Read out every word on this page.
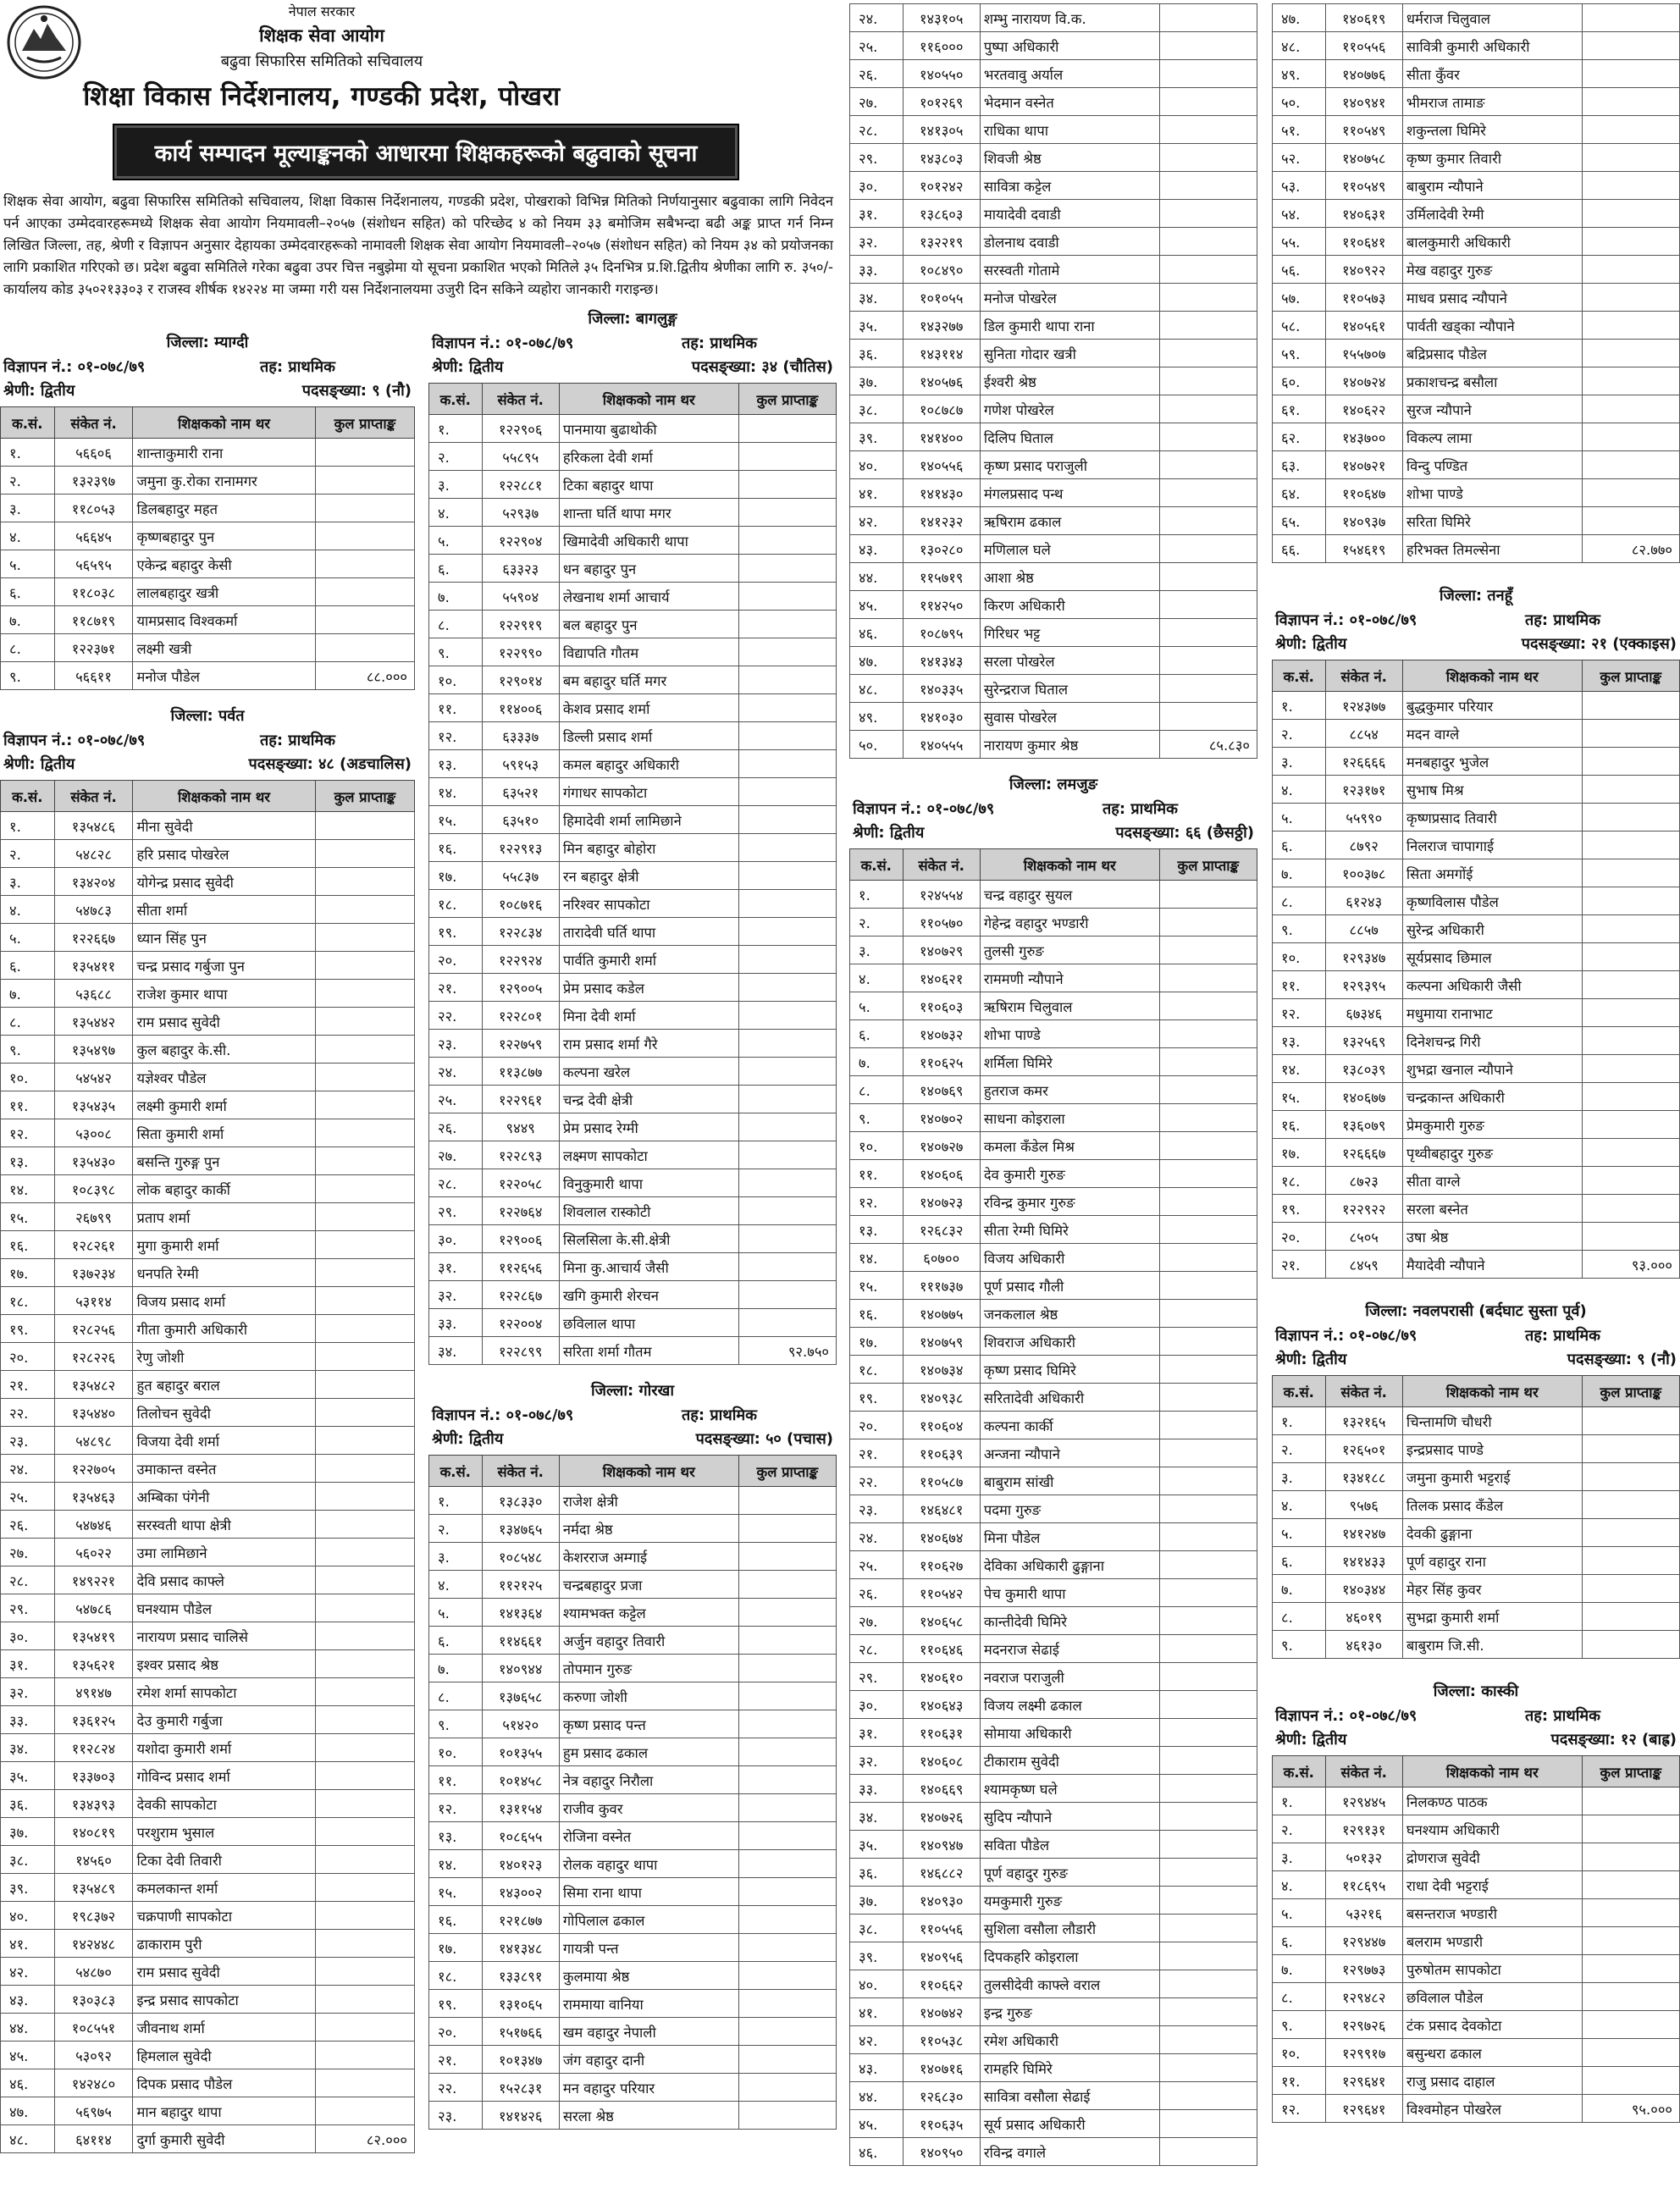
नेपाल सरकार
शिक्षक सेवा आयोग
बढुवा सिफारिस समितिको सचिवालय
शिक्षा विकास निर्देशनालय, गण्डकी प्रदेश, पोखरा
कार्य सम्पादन मूल्याङ्कनको आधारमा शिक्षकहरूको बढुवाको सूचना
शिक्षक सेवा आयोग, बढुवा सिफारिस समितिको सचिवालय, शिक्षा विकास निर्देशनालय, गण्डकी प्रदेश, पोखराको विभिन्न मितिको निर्णयानुसार बढुवाका लागि निवेदन पर्न आएका उम्मेदवारहरूमध्ये शिक्षक सेवा आयोग नियमावली–२०५७ (संशोधन सहित) को परिच्छेद ४ को नियम ३३ बमोजिम सबैभन्दा बढी अङ्क प्राप्त गर्न निम्न लिखित जिल्ला, तह, श्रेणी र विज्ञापन अनुसार देहायका उम्मेदवारहरूको नामावली शिक्षक सेवा आयोग नियमावली–२०५७ (संशोधन सहित) को नियम ३४ को प्रयोजनका लागि प्रकाशित गरिएको छ। प्रदेश बढुवा समितिले गरेका बढुवा उपर चित्त नबुझेमा यो सूचना प्रकाशित भएको मितिले ३५ दिनभित्र प्र.शि.द्वितीय श्रेणीका लागि रु. ३५०/- कार्यालय कोड ३५०२१३३०३ र राजस्व शीर्षक १४२२४ मा जम्मा गरी यस निर्देशनालयमा उजुरी दिन सकिने व्यहोरा जानकारी गराइन्छ।
जिल्ला: म्याग्दी
विज्ञापन नं.: ०१-०७८/७९	तह: प्राथमिक
श्रेणी: द्वितीय	पदसङ्ख्या: ९ (नौ)
क.सं.	संकेत नं.	शिक्षकको नाम थर	कुल प्राप्ताङ्क
१.	५६६०६	शान्ताकुमारी राना	
२.	१३२३९७	जमुना कु.रोका रानामगर	
३.	११८०५३	डिलबहादुर महत	
४.	५६६४५	कृष्णबहादुर पुन	
५.	५६५९५	एकेन्द्र बहादुर केसी	
६.	११८०३८	लालबहादुर खत्री	
७.	११८७१९	यामप्रसाद विश्वकर्मा	
८.	१२२३७१	लक्ष्मी खत्री	
९.	५६६११	मनोज पौडेल	८८.०००
जिल्ला: पर्वत
विज्ञापन नं.: ०१-०७८/७९	तह: प्राथमिक
श्रेणी: द्वितीय	पदसङ्ख्या: ४८ (अडचालिस)
क.सं.	संकेत नं.	शिक्षकको नाम थर	कुल प्राप्ताङ्क
१.	१३५४८६	मीना सुवेदी	
२.	५४८२८	हरि प्रसाद पोखरेल	
३.	१३४२०४	योगेन्द्र प्रसाद सुवेदी	
४.	५४७८३	सीता शर्मा	
५.	१२२६६७	ध्यान सिंह पुन	
६.	१३५४११	चन्द्र प्रसाद गर्बुजा पुन	
७.	५३६८८	राजेश कुमार थापा	
८.	१३५४४२	राम प्रसाद सुवेदी	
९.	१३५४९७	कुल बहादुर के.सी.	
१०.	५४५४२	यज्ञेश्वर पौडेल	
११.	१३५४३५	लक्ष्मी कुमारी शर्मा	
१२.	५३००८	सिता कुमारी शर्मा	
१३.	१३५४३०	बसन्ति गुरुङ्ग पुन	
१४.	१०८३९८	लोक बहादुर कार्की	
१५.	२६७९९	प्रताप शर्मा	
१६.	१२८२६१	मुगा कुमारी शर्मा	
१७.	१३७२३४	धनपति रेग्मी	
१८.	५३११४	विजय प्रसाद शर्मा	
१९.	१२८२५६	गीता कुमारी अधिकारी	
२०.	१२८२२६	रेणु जोशी	
२१.	१३५४८२	हुत बहादुर बराल	
२२.	१३५४४०	तिलोचन सुवेदी	
२३.	५४८९८	विजया देवी शर्मा	
२४.	१२२७०५	उमाकान्त वस्नेत	
२५.	१३५४६३	अम्बिका पंगेनी	
२६.	५४७४६	सरस्वती थापा क्षेत्री	
२७.	५६०२२	उमा लामिछाने	
२८.	१४९२२१	देवि प्रसाद काफ्ले	
२९.	५४७८६	घनश्याम पौडेल	
३०.	१३५४१९	नारायण प्रसाद चालिसे	
३१.	१३५६२१	इश्वर प्रसाद श्रेष्ठ	
३२.	४९१४७	रमेश शर्मा सापकोटा	
३३.	१३६१२५	देउ कुमारी गर्बुजा	
३४.	११२८२४	यशोदा कुमारी शर्मा	
३५.	१३३७०३	गोविन्द प्रसाद शर्मा	
३६.	१३४३९३	देवकी सापकोटा	
३७.	१४०८१९	परशुराम भुसाल	
३८.	१४५६०	टिका देवी तिवारी	
३९.	१३५४८९	कमलकान्त शर्मा	
४०.	१९८३७२	चक्रपाणी सापकोटा	
४१.	१४२४४८	ढाकाराम पुरी	
४२.	५४८७०	राम प्रसाद सुवेदी	
४३.	१३०३८३	इन्द्र प्रसाद सापकोटा	
४४.	१०८५५१	जीवनाथ शर्मा	
४५.	५३०९२	हिमलाल सुवेदी	
४६.	१४२४८०	दिपक प्रसाद पौडेल	
४७.	५६९७५	मान बहादुर थापा	
४८.	६४११४	दुर्गा कुमारी सुवेदी	८२.०००
जिल्ला: बागलुङ्ग
विज्ञापन नं.: ०१-०७८/७९	तह: प्राथमिक
श्रेणी: द्वितीय	पदसङ्ख्या: ३४ (चौतिस)
क.सं.	संकेत नं.	शिक्षकको नाम थर	कुल प्राप्ताङ्क
१.	१२२९०६	पानमाया बुढाथोकी	
२.	५५८९५	हरिकला देवी शर्मा	
३.	१२२८८१	टिका बहादुर थापा	
४.	५२९३७	शान्ता घर्ति थापा मगर	
५.	१२२९०४	खिमादेवी अधिकारी थापा	
६.	६३३२३	धन बहादुर पुन	
७.	५५९०४	लेखनाथ शर्मा आचार्य	
८.	१२२९१९	बल बहादुर पुन	
९.	१२२९९०	विद्यापति गौतम	
१०.	१२९०१४	बम बहादुर घर्ति मगर	
११.	११४००६	केशव प्रसाद शर्मा	
१२.	६३३३७	डिल्ली प्रसाद शर्मा	
१३.	५९१५३	कमल बहादुर अधिकारी	
१४.	६३५२१	गंगाधर सापकोटा	
१५.	६३५१०	हिमादेवी शर्मा लामिछाने	
१६.	१२२९१३	मिन बहादुर बोहोरा	
१७.	५५८३७	रन बहादुर क्षेत्री	
१८.	१०८७१६	नरिश्वर सापकोटा	
१९.	१२२८३४	तारादेवी घर्ति थापा	
२०.	१२२९२४	पार्वति कुमारी शर्मा	
२१.	१२९००५	प्रेम प्रसाद कडेल	
२२.	१२२८०१	मिना देवी शर्मा	
२३.	१२२७५९	राम प्रसाद शर्मा गैरे	
२४.	११३८७७	कल्पना खरेल	
२५.	१२२९६१	चन्द्र देवी क्षेत्री	
२६.	९४४९	प्रेम प्रसाद रेग्मी	
२७.	१२२८९३	लक्ष्मण सापकोटा	
२८.	१२२०५८	विनुकुमारी थापा	
२९.	१२२७६४	शिवलाल रास्कोटी	
३०.	१२९००६	सिलसिला के.सी.क्षेत्री	
३१.	११२६५६	मिना कु.आचार्य जैसी	
३२.	१२२८६७	खगि कुमारी शेरचन	
३३.	१२२००४	छविलाल थापा	
३४.	१२२८९९	सरिता शर्मा गौतम	९२.७५०
जिल्ला: गोरखा
विज्ञापन नं.: ०१-०७८/७९	तह: प्राथमिक
श्रेणी: द्वितीय	पदसङ्ख्या: ५० (पचास)
क.सं.	संकेत नं.	शिक्षकको नाम थर	कुल प्राप्ताङ्क
१.	१३८३३०	राजेश क्षेत्री	
२.	१३४७६५	नर्मदा श्रेष्ठ	
३.	१०८५४८	केशरराज अम्गाई	
४.	११२१२५	चन्द्रबहादुर प्रजा	
५.	१४१३६४	श्यामभक्त कट्टेल	
६.	११४६६१	अर्जुन वहादुर तिवारी	
७.	१४०९४४	तोपमान गुरुङ	
८.	१३७६५८	करुणा जोशी	
९.	५१४२०	कृष्ण प्रसाद पन्त	
१०.	१०१३५५	हुम प्रसाद ढकाल	
११.	१०१४५८	नेत्र वहादुर निरौला	
१२.	१३११५४	राजीव कुवर	
१३.	१०८६५५	रोजिना वस्नेत	
१४.	१४०१२३	रोलक वहादुर थापा	
१५.	१४३००२	सिमा राना थापा	
१६.	१२१८७७	गोपिलाल ढकाल	
१७.	१४१३४८	गायत्री पन्त	
१८.	१३३८९१	कुलमाया श्रेष्ठ	
१९.	१३१०६५	राममाया वानिया	
२०.	१५१७६६	खम वहादुर नेपाली	
२१.	१०१३४७	जंग वहादुर दानी	
२२.	१५२८३१	मन वहादुर परियार	
२३.	१४१४२६	सरला श्रेष्ठ	
२४.	१४३१०५	शम्भु नारायण वि.क.	
२५.	११६०००	पुष्पा अधिकारी	
२६.	१४०५५०	भरतवावु अर्याल	
२७.	१०१२६९	भेदमान वस्नेत	
२८.	१४१३०५	राधिका थापा	
२९.	१४३८०३	शिवजी श्रेष्ठ	
३०.	१०१२४२	सावित्रा कट्टेल	
३१.	१३८६०३	मायादेवी दवाडी	
३२.	१३२२१९	डोलनाथ दवाडी	
३३.	१०८४९०	सरस्वती गोतामे	
३४.	१०१०५५	मनोज पोखरेल	
३५.	१४३२७७	डिल कुमारी थापा राना	
३६.	१४३११४	सुनिता गोदार खत्री	
३७.	१४०५७६	ईश्वरी श्रेष्ठ	
३८.	१०८७८७	गणेश पोखरेल	
३९.	१४१४००	दिलिप घिताल	
४०.	१४०५५६	कृष्ण प्रसाद पराजुली	
४१.	१४१४३०	मंगलप्रसाद पन्थ	
४२.	१४१२३२	ऋषिराम ढकाल	
४३.	१३०२८०	मणिलाल घले	
४४.	११५७१९	आशा श्रेष्ठ	
४५.	११४२५०	किरण अधिकारी	
४६.	१०८७९५	गिरिधर भट्ट	
४७.	१४१३४३	सरला पोखरेल	
४८.	१४०३३५	सुरेन्द्रराज घिताल	
४९.	१४१०३०	सुवास पोखरेल	
५०.	१४०५५५	नारायण कुमार श्रेष्ठ	८५.८३०
जिल्ला: लमजुङ
विज्ञापन नं.: ०१-०७८/७९	तह: प्राथमिक
श्रेणी: द्वितीय	पदसङ्ख्या: ६६ (छैसठ्ठी)
क.सं.	संकेत नं.	शिक्षकको नाम थर	कुल प्राप्ताङ्क
१.	१२४५५४	चन्द्र वहादुर सुयल	
२.	११०५७०	गेहेन्द्र वहादुर भण्डारी	
३.	१४०७२९	तुलसी गुरुङ	
४.	१४०६२१	राममणी न्यौपाने	
५.	११०६०३	ऋषिराम चिलुवाल	
६.	१४०७३२	शोभा पाण्डे	
७.	११०६२५	शर्मिला घिमिरे	
८.	१४०७६९	हुतराज कमर	
९.	१४०७०२	साधना कोइराला	
१०.	१४०७२७	कमला कँडेल मिश्र	
११.	१४०६०६	देव कुमारी गुरुङ	
१२.	१४०७२३	रविन्द्र कुमार गुरुङ	
१३.	१२६८३२	सीता रेग्मी घिमिरे	
१४.	६०७००	विजय अधिकारी	
१५.	१११७३७	पूर्ण प्रसाद गौली	
१६.	१४०७७५	जनकलाल श्रेष्ठ	
१७.	१४०७५९	शिवराज अधिकारी	
१८.	१४०७३४	कृष्ण प्रसाद घिमिरे	
१९.	१४०९३८	सरितादेवी अधिकारी	
२०.	११०६०४	कल्पना कार्की	
२१.	११०६३९	अन्जना न्यौपाने	
२२.	११०५८७	बाबुराम सांखी	
२३.	१४६४८१	पदमा गुरुङ	
२४.	१४०६७४	मिना पौडेल	
२५.	११०६२७	देविका अधिकारी ढुङ्गाना	
२६.	११०५४२	पेच कुमारी थापा	
२७.	१४०६५८	कान्तीदेवी घिमिरे	
२८.	११०६४६	मदनराज सेढाई	
२९.	१४०६१०	नवराज पराजुली	
३०.	१४०६४३	विजय लक्ष्मी ढकाल	
३१.	११०६३१	सोमाया अधिकारी	
३२.	१४०६०८	टीकाराम सुवेदी	
३३.	१४०६६९	श्यामकृष्ण घले	
३४.	१४०७२६	सुदिप न्यौपाने	
३५.	१४०९४७	सविता पौडेल	
३६.	१४६८८२	पूर्ण वहादुर गुरुङ	
३७.	१४०९३०	यमकुमारी गुरुङ	
३८.	११०५५६	सुशिला वसौला लौडारी	
३९.	१४०९५६	दिपकहरि कोइराला	
४०.	११०६६२	तुलसीदेवी काफ्ले वराल	
४१.	१४०७४२	इन्द्र गुरुङ	
४२.	११०५३८	रमेश अधिकारी	
४३.	१४०७१६	रामहरि घिमिरे	
४४.	१२६८३०	सावित्रा वसौला सेढाई	
४५.	११०६३५	सूर्य प्रसाद अधिकारी	
४६.	१४०९५०	रविन्द्र वगाले	
४७.	१४०६१९	धर्मराज चिलुवाल	
४८.	११०५५६	सावित्री कुमारी अधिकारी	
४९.	१४०७७६	सीता कुँवर	
५०.	१४०९४१	भीमराज तामाङ	
५१.	११०५४९	शकुन्तला घिमिरे	
५२.	१४०७५८	कृष्ण कुमार तिवारी	
५३.	११०५४९	बाबुराम न्यौपाने	
५४.	१४०६३१	उर्मिलादेवी रेग्मी	
५५.	११०६४१	बालकुमारी अधिकारी	
५६.	१४०९२२	मेख वहादुर गुरुङ	
५७.	११०५७३	माधव प्रसाद न्यौपाने	
५८.	१४०५६१	पार्वती खड्का न्यौपाने	
५९.	१५५७०७	बद्रिप्रसाद पौडेल	
६०.	१४०७२४	प्रकाशचन्द्र बसौला	
६१.	१४०६२२	सुरज न्यौपाने	
६२.	१४३७००	विकल्प लामा	
६३.	१४०७२१	विन्दु पण्डित	
६४.	११०६४७	शोभा पाण्डे	
६५.	१४०९३७	सरिता घिमिरे	
६६.	१५४६१९	हरिभक्त तिमल्सेना	८२.७७०
जिल्ला: तनहूँ
विज्ञापन नं.: ०१-०७८/७९	तह: प्राथमिक
श्रेणी: द्वितीय	पदसङ्ख्या: २१ (एक्काइस)
क.सं.	संकेत नं.	शिक्षकको नाम थर	कुल प्राप्ताङ्क
१.	१२४३७७	बुद्धकुमार परियार	
२.	८८५४	मदन वाग्ले	
३.	१२६६६६	मनबहादुर भुजेल	
४.	१२३१७१	सुभाष मिश्र	
५.	५५९९०	कृष्णप्रसाद तिवारी	
६.	८७९२	निलराज चापागाई	
७.	१००३७८	सिता अमगोंई	
८.	६१२४३	कृष्णविलास पौडेल	
९.	८८५७	सुरेन्द्र अधिकारी	
१०.	१२९३४७	सूर्यप्रसाद छिमाल	
११.	१२९३९५	कल्पना अधिकारी जैसी	
१२.	६७३४६	मधुमाया रानाभाट	
१३.	१३२५६९	दिनेशचन्द्र गिरी	
१४.	१३८०३९	शुभद्रा खनाल न्यौपाने	
१५.	१४०६७७	चन्द्रकान्त अधिकारी	
१६.	१३६०७९	प्रेमकुमारी गुरुङ	
१७.	१२६६६७	पृथ्वीबहादुर गुरुङ	
१८.	८७२३	सीता वाग्ले	
१९.	१२२९२२	सरला बस्नेत	
२०.	८५०५	उषा श्रेष्ठ	
२१.	८४५९	मैयादेवी न्यौपाने	९३.०००
जिल्ला: नवलपरासी (बर्दघाट सुस्ता पूर्व)
विज्ञापन नं.: ०१-०७८/७९	तह: प्राथमिक
श्रेणी: द्वितीय	पदसङ्ख्या: ९ (नौ)
क.सं.	संकेत नं.	शिक्षकको नाम थर	कुल प्राप्ताङ्क
१.	१३२१६५	चिन्तामणि चौधरी	
२.	१२६५०१	इन्द्रप्रसाद पाण्डे	
३.	१३४१८८	जमुना कुमारी भट्टराई	
४.	९५७६	तिलक प्रसाद कँडेल	
५.	१४१२४७	देवकी ढुङ्गाना	
६.	१४१४३३	पूर्ण वहादुर राना	
७.	१४०३४४	मेहर सिंह कुवर	
८.	४६०१९	सुभद्रा कुमारी शर्मा	
९.	४६१३०	बाबुराम जि.सी.	
जिल्ला: कास्की
विज्ञापन नं.: ०१-०७८/७९	तह: प्राथमिक
श्रेणी: द्वितीय	पदसङ्ख्या: १२ (बाह्र)
क.सं.	संकेत नं.	शिक्षकको नाम थर	कुल प्राप्ताङ्क
१.	१२९४४५	निलकण्ठ पाठक	
२.	१२९१३१	घनश्याम अधिकारी	
३.	५०१३२	द्रोणराज सुवेदी	
४.	११८६९५	राधा देवी भट्टराई	
५.	५३२१६	बसन्तराज भण्डारी	
६.	१२९४४७	बलराम भण्डारी	
७.	१२९७७३	पुरुषोतम सापकोटा	
८.	१२९४८२	छविलाल पौडेल	
९.	१२९७२६	टंक प्रसाद देवकोटा	
१०.	१२९९१७	बसुन्धरा ढकाल	
११.	१२९६४१	राजु प्रसाद दाहाल	
१२.	१२९६४१	विश्वमोहन पोखरेल	९५.०००
